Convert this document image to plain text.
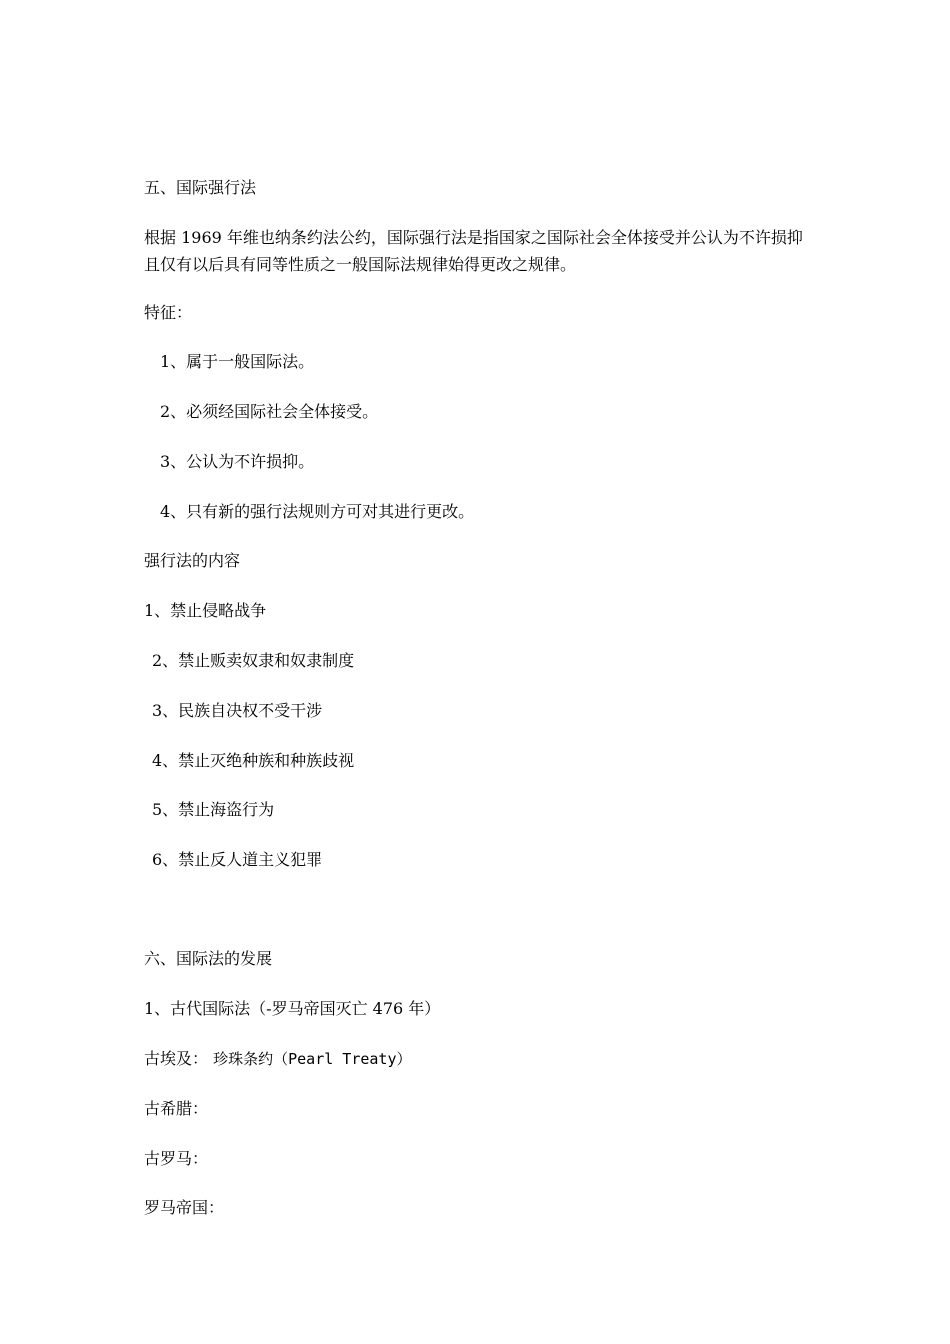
五、国际强行法
根据 1969 年维也纳条约法公约，国际强行法是指国家之国际社会全体接受并公认为不许损抑且仅有以后具有同等性质之一般国际法规律始得更改之规律。
特征：
1、属于一般国际法。
2、必须经国际社会全体接受。
3、公认为不许损抑。
4、只有新的强行法规则方可对其进行更改。
强行法的内容
1、禁止侵略战争
2、禁止贩卖奴隶和奴隶制度
3、民族自决权不受干涉
4、禁止灭绝种族和种族歧视
5、禁止海盗行为
6、禁止反人道主义犯罪
六、国际法的发展
1、古代国际法（-罗马帝国灭亡 476 年）
古埃及： 珍珠条约（Pearl Treaty）
古希腊：
古罗马：
罗马帝国：
